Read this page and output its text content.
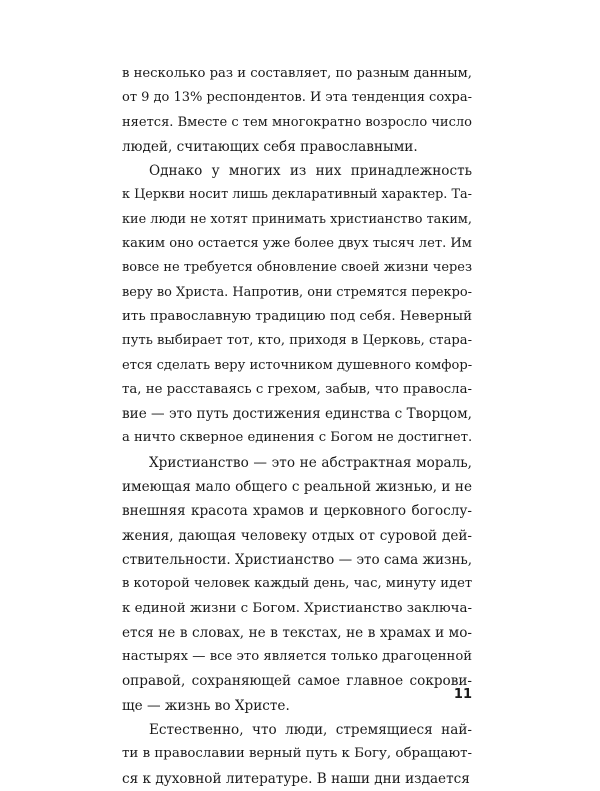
в несколько раз и составляет, по разным данным,
от 9 до 13% респондентов. И эта тенденция сохра-
няется. Вместе с тем многократно возросло число
людей, считающих себя православными.
Однако у многих из них принадлежность
к Церкви носит лишь декларативный характер. Та-
кие люди не хотят принимать христианство таким,
каким оно остается уже более двух тысяч лет. Им
вовсе не требуется обновление своей жизни через
веру во Христа. Напротив, они стремятся перекро-
ить православную традицию под себя. Неверный
путь выбирает тот, кто, приходя в Церковь, стара-
ется сделать веру источником душевного комфор-
та, не расставаясь с грехом, забыв, что правосла-
вие — это путь достижения единства с Творцом,
а ничто скверное единения с Богом не достигнет.
Христианство — это не абстрактная мораль,
имеющая мало общего с реальной жизнью, и не
внешняя красота храмов и церковного богослу-
жения, дающая человеку отдых от суровой дей-
ствительности. Христианство — это сама жизнь,
в которой человек каждый день, час, минуту идет
к единой жизни с Богом. Христианство заключа-
ется не в словах, не в текстах, не в храмах и мо-
настырях — все это является только драгоценной
оправой, сохраняющей самое главное сокрови-
ще — жизнь во Христе.
Естественно, что люди, стремящиеся най-
ти в православии верный путь к Богу, обращают-
ся к духовной литературе. В наши дни издается
11
